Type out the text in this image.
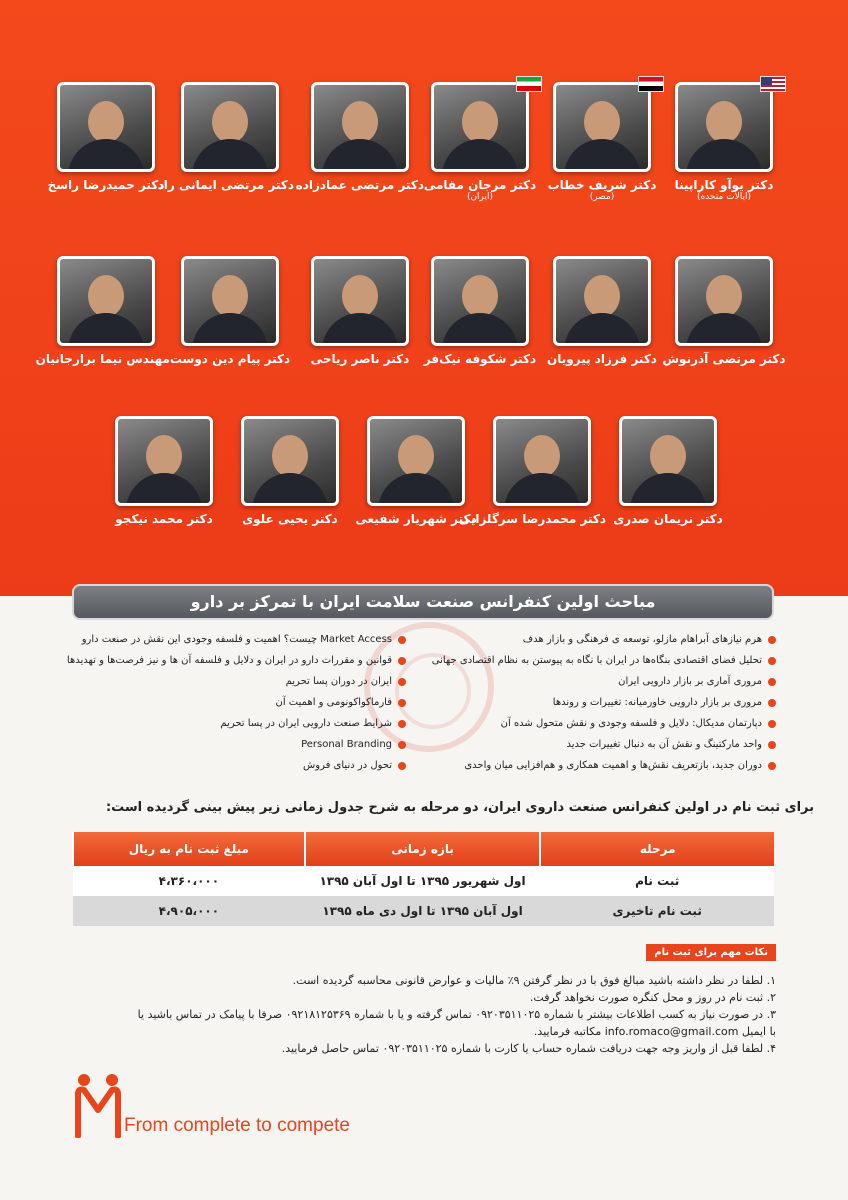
دکتر یوآو کاراپینا
(ایالات متحده)
دکتر شریف خطاب
(مصر)
دکتر مرجان مقامی
(ایران)
دکتر مرتضی عمادزاده
دکتر مرتضی ایمانی راد
دکتر حمیدرضا راسخ
دکتر مرتضی آذرنوش
دکتر فرزاد پیرویان
دکتر شکوفه نیک‌فر
دکتر ناصر ریاحی
دکتر پیام دین دوست
مهندس نیما برارجانیان
دکتر نریمان صدری
دکتر محمدرضا سرگلزایی
دکتر شهریار شفیعی
دکتر یحیی علوی
دکتر محمد نیکجو
مباحث اولین کنفرانس صنعت سلامت ایران با تمرکز بر دارو
هرم نیازهای آبراهام مازلو، توسعه ی فرهنگی و بازار هدف
تحلیل فضای اقتصادی بنگاه‌ها در ایران با نگاه به پیوستن به نظام اقتصادی جهانی
مروری آماری بر بازار دارویی ایران
مروری بر بازار دارویی خاورمیانه: تغییرات و روندها
دپارتمان مدیکال: دلایل و فلسفه وجودی و نقش متحول شده آن
واحد مارکتینگ و نقش آن به دنبال تغییرات جدید
دوران جدید، بازتعریف نقش‌ها و اهمیت همکاری و هم‌افزایی میان واحدی
Market Access چیست؟ اهمیت و فلسفه وجودی این نقش در صنعت دارو
قوانین و مقررات دارو در ایران و دلایل و فلسفه آن ها و نیز فرصت‌ها و تهدیدها
ایران در دوران پسا تحریم
فارماکواکونومی و اهمیت آن
شرایط صنعت دارویی ایران در پسا تحریم
Personal Branding
تحول در دنیای فروش
برای ثبت نام در اولین کنفرانس صنعت داروی ایران، دو مرحله به شرح جدول زمانی زیر پیش بینی گردیده است:
مرحله	بازه زمانی	مبلغ ثبت نام به ریال
ثبت نام	اول شهریور ۱۳۹۵ تا اول آبان ۱۳۹۵	۴،۳۶۰،۰۰۰
ثبت نام تاخیری	اول آبان ۱۳۹۵ تا اول دی ماه ۱۳۹۵	۴،۹۰۵،۰۰۰
نکات مهم برای ثبت نام

۱. لطفا در نظر داشته باشید مبالغ فوق با در نظر گرفتن ۹٪ مالیات و عوارض قانونی محاسبه گردیده است.

۲. ثبت نام در روز و محل کنگره صورت نخواهد گرفت.

۳. در صورت نیاز به کسب اطلاعات بیشتر با شماره ۰۹۲۰۳۵۱۱۰۲۵ تماس گرفته و یا با شماره ۰۹۲۱۸۱۲۵۳۶۹ صرفا با پیامک در تماس باشید یا

با ایمیل info.romaco@gmail.com مکاتبه فرمایید.

۴. لطفا قبل از واریز وجه جهت دریافت شماره حساب یا کارت با شماره ۰۹۲۰۳۵۱۱۰۲۵ تماس حاصل فرمایید.

From complete to compete
